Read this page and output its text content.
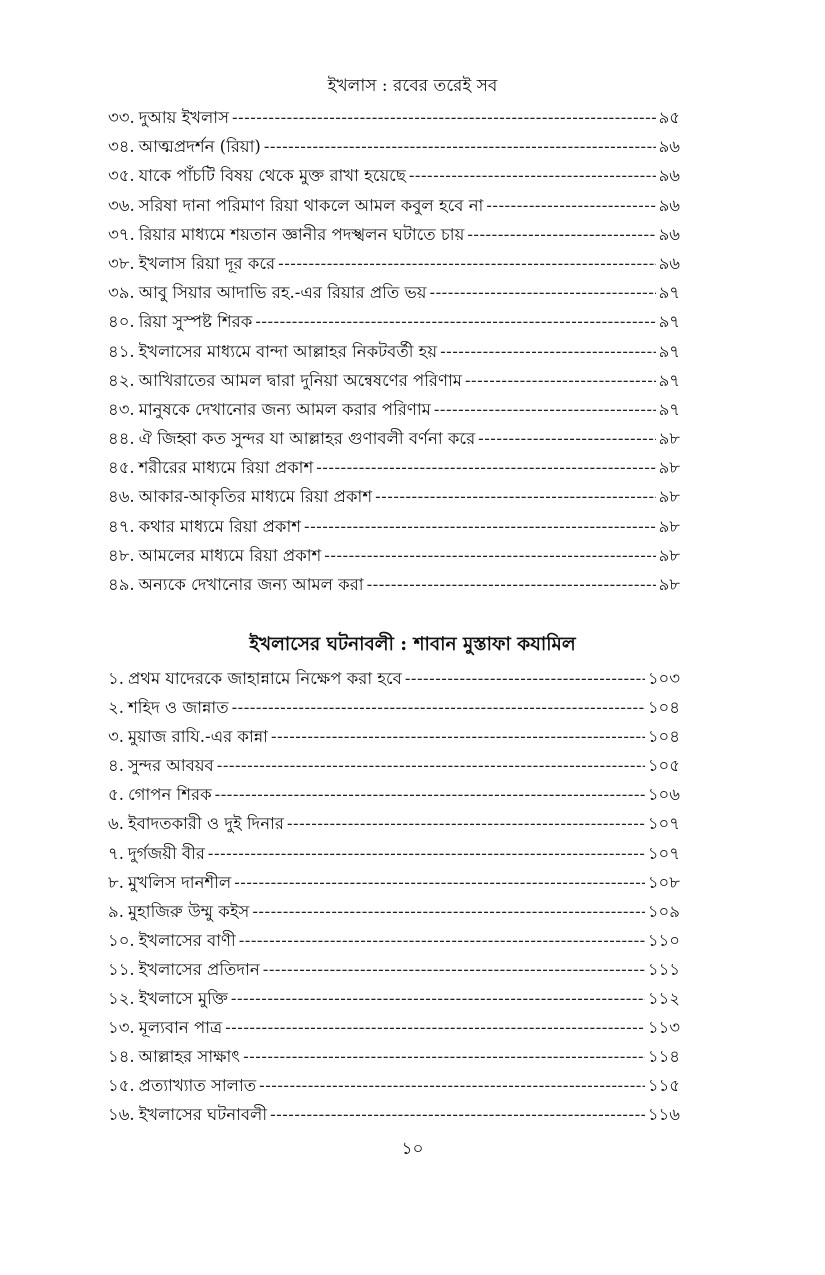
ইখলাস : রবের তরেই সব
৩৩. দুআয় ইখলাস -----	৯৫
৩৪. আত্মপ্রদর্শন (রিয়া) -----	৯৬
৩৫. যাকে পাঁচটি বিষয় থেকে মুক্ত রাখা হয়েছে -----	৯৬
৩৬. সরিষা দানা পরিমাণ রিয়া থাকলে আমল কবুল হবে না -----	৯৬
৩৭. রিয়ার মাধ্যমে শয়তান জ্ঞানীর পদস্খলন ঘটাতে চায় -----	৯৬
৩৮. ইখলাস রিয়া দূর করে -----	৯৬
৩৯. আবু সিয়ার আদাভি রহ.-এর রিয়ার প্রতি ভয় -----	৯৭
৪০. রিয়া সুস্পষ্ট শিরক -----	৯৭
৪১. ইখলাসের মাধ্যমে বান্দা আল্লাহর নিকটবর্তী হয় -----	৯৭
৪২. আখিরাতের আমল দ্বারা দুনিয়া অন্বেষণের পরিণাম -----	৯৭
৪৩. মানুষকে দেখানোর জন্য আমল করার পরিণাম -----	৯৭
৪৪. ঐ জিহ্বা কত সুন্দর যা আল্লাহর গুণাবলী বর্ণনা করে -----	৯৮
৪৫. শরীরের মাধ্যমে রিয়া প্রকাশ -----	৯৮
৪৬. আকার-আকৃতির মাধ্যমে রিয়া প্রকাশ -----	৯৮
৪৭. কথার মাধ্যমে রিয়া প্রকাশ -----	৯৮
৪৮. আমলের মাধ্যমে রিয়া প্রকাশ -----	৯৮
৪৯. অন্যকে দেখানোর জন্য আমল করা -----	৯৮
ইখলাসের ঘটনাবলী : শাবান মুস্তাফা কযামিল
১. প্রথম যাদেরকে জাহান্নামে নিক্ষেপ করা হবে -----	১০৩
২. শহিদ ও জান্নাত -----	১০৪
৩. মুয়াজ রাযি.-এর কান্না -----	১০৪
৪. সুন্দর আবয়ব -----	১০৫
৫. গোপন শিরক -----	১০৬
৬. ইবাদতকারী ও দুই দিনার -----	১০৭
৭. দুর্গজয়ী বীর -----	১০৭
৮. মুখলিস দানশীল -----	১০৮
৯. মুহাজিরু উম্মু কইস -----	১০৯
১০. ইখলাসের বাণী -----	১১০
১১. ইখলাসের প্রতিদান -----	১১১
১২. ইখলাসে মুক্তি -----	১১২
১৩. মূল্যবান পাত্র -----	১১৩
১৪. আল্লাহর সাক্ষাৎ -----	১১৪
১৫. প্রত্যাখ্যাত সালাত -----	১১৫
১৬. ইখলাসের ঘটনাবলী -----	১১৬
১০
